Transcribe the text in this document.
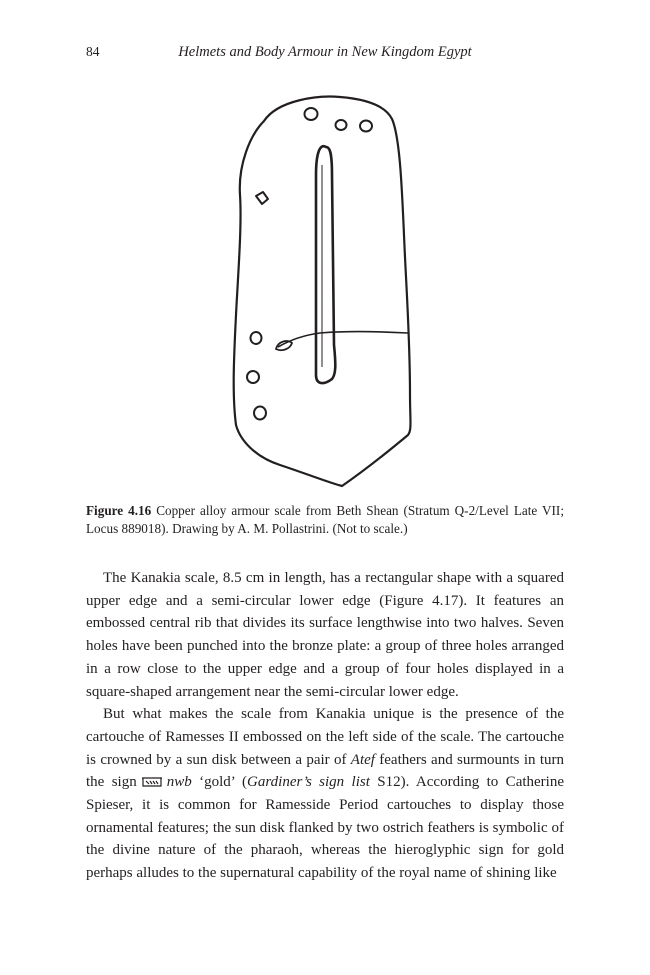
84	Helmets and Body Armour in New Kingdom Egypt
Figure 4.16 Copper alloy armour scale from Beth Shean (Stratum Q-2/Level Late VII; Locus 889018). Drawing by A. M. Pollastrini. (Not to scale.)

The Kanakia scale, 8.5 cm in length, has a rectangular shape with a squared upper edge and a semi-circular lower edge (Figure 4.17). It features an embossed central rib that divides its surface lengthwise into two halves. Seven holes have been punched into the bronze plate: a group of three holes arranged in a row close to the upper edge and a group of four holes displayed in a square-shaped arrangement near the semi-circular lower edge.

But what makes the scale from Kanakia unique is the presence of the cartouche of Ramesses II embossed on the left side of the scale. The cartouche is crowned by a sun disk between a pair of Atef feathers and surmounts in turn the sign nwb ‘gold’ (Gardiner’s sign list S12). According to Catherine Spieser, it is common for Ramesside Period cartouches to display those ornamental features; the sun disk flanked by two ostrich feathers is symbolic of the divine nature of the pharaoh, whereas the hieroglyphic sign for gold perhaps alludes to the supernatural capability of the royal name of shining like
